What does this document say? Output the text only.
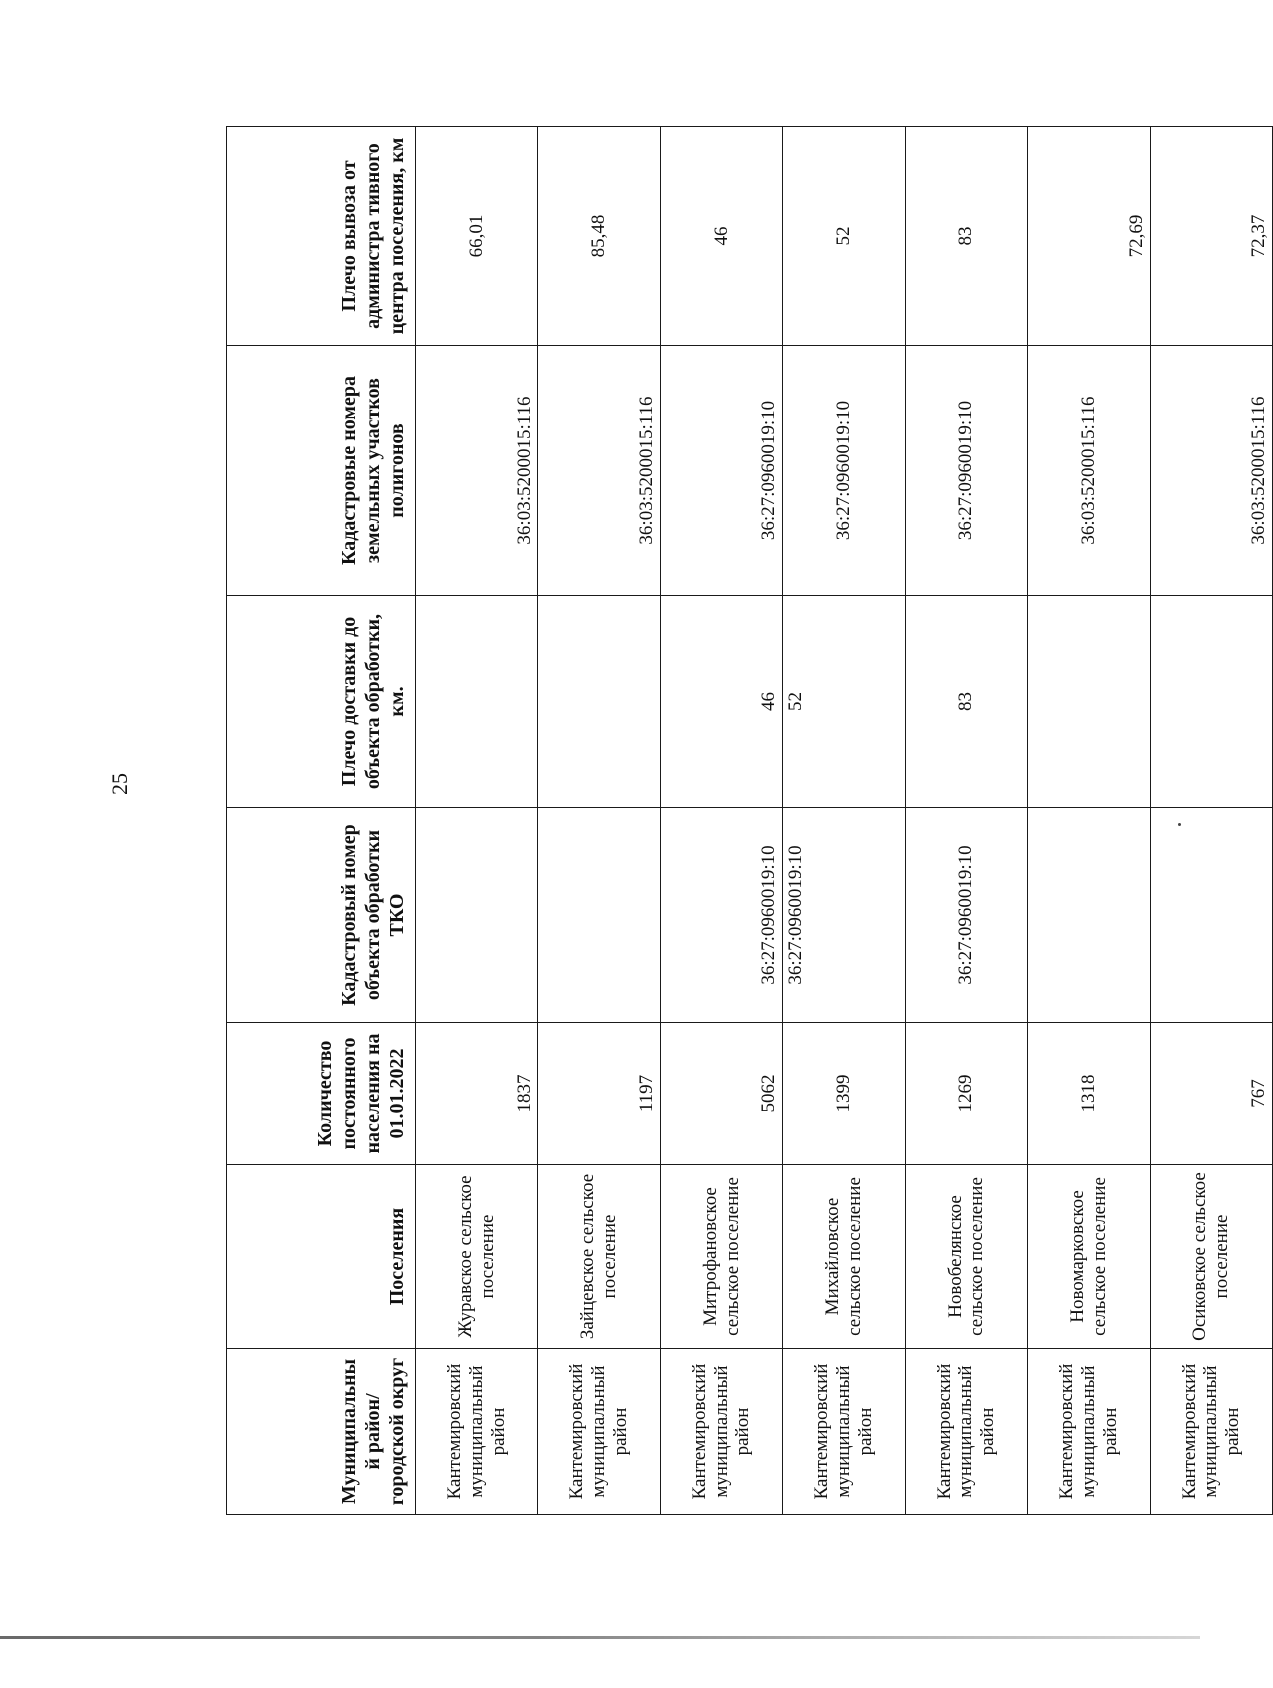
25
Муниципальны й район/ городской округ	Поселения	Количество постоянного населения на 01.01.2022	Кадастровый номер объекта обработки ТКО	Плечо доставки до объекта обработки, км.	Кадастровые номера земельных участков полигонов	Плечо вывоза от администра тивного центра поселения, км
Кантемировский муниципальный район	Журавское сельское поселение	1837			36:03:5200015:116	66,01
Кантемировский муниципальный район	Зайцевское сельское поселение	1197			36:03:5200015:116	85,48
Кантемировский муниципальный район	Митрофановское сельское поселение	5062	36:27:0960019:10	46	36:27:0960019:10	46
Кантемировский муниципальный район	Михайловское сельское поселение	1399	36:27:0960019:10	52	36:27:0960019:10	52
Кантемировский муниципальный район	Новобелянское сельское поселение	1269	36:27:0960019:10	83	36:27:0960019:10	83
Кантемировский муниципальный район	Новомарковское сельское поселение	1318			36:03:5200015:116	72,69
Кантемировский муниципальный район	Осиковское сельское поселение	767			36:03:5200015:116	72,37
